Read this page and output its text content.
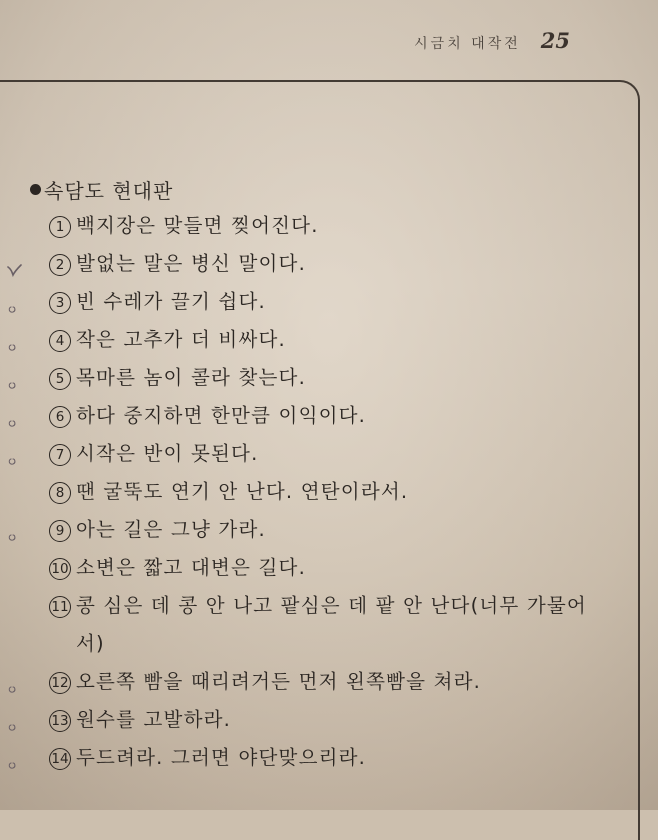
시금치 대작전 25
속담도 현대판
1 백지장은 맞들면 찢어진다.
2 발없는 말은 병신 말이다.
3 빈 수레가 끌기 쉽다.
4 작은 고추가 더 비싸다.
5 목마른 놈이 콜라 찾는다.
6 하다 중지하면 한만큼 이익이다.
7 시작은 반이 못된다.
8 땐 굴뚝도 연기 안 난다. 연탄이라서.
9 아는 길은 그냥 가라.
10 소변은 짧고 대변은 길다.
11 콩 심은 데 콩 안 나고 팥심은 데 팥 안 난다(너무 가물어서)
12 오른쪽 빰을 때리려거든 먼저 왼쪽빰을 쳐라.
13 원수를 고발하라.
14 두드려라. 그러면 야단맞으리라.
